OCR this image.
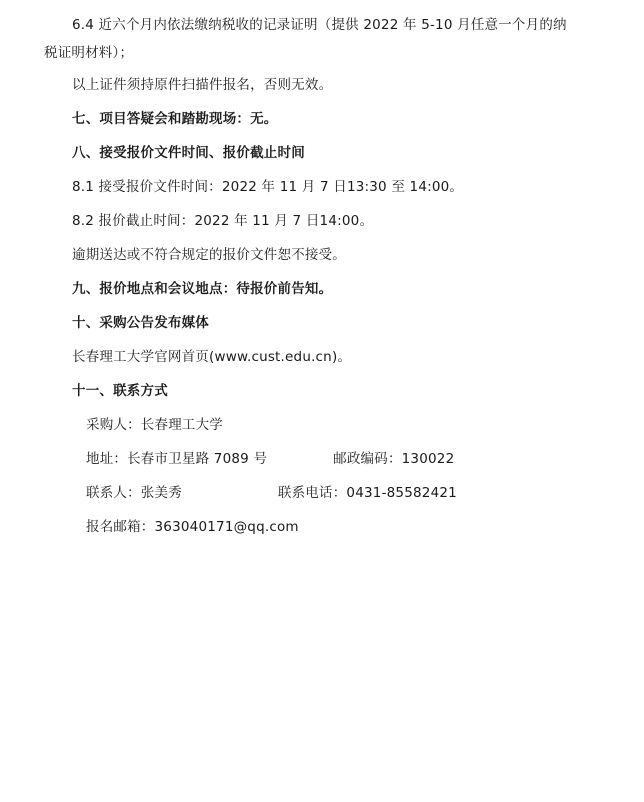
6.4 近六个月内依法缴纳税收的记录证明（提供 2022 年 5-10 月任意一个月的纳

税证明材料）；

以上证件须持原件扫描件报名，否则无效。

七、项目答疑会和踏勘现场：无。

八、接受报价文件时间、报价截止时间

8.1 接受报价文件时间：2022 年 11 月 7 日13:30 至 14:00。

8.2 报价截止时间：2022 年 11 月 7 日14:00。

逾期送达或不符合规定的报价文件恕不接受。

九、报价地点和会议地点：待报价前告知。

十、采购公告发布媒体

长春理工大学官网首页(www.cust.edu.cn)。

十一、联系方式

采购人：长春理工大学

地址：长春市卫星路 7089 号	邮政编码：130022

联系人：张美秀	联系电话：0431-85582421

报名邮箱：363040171@qq.com
